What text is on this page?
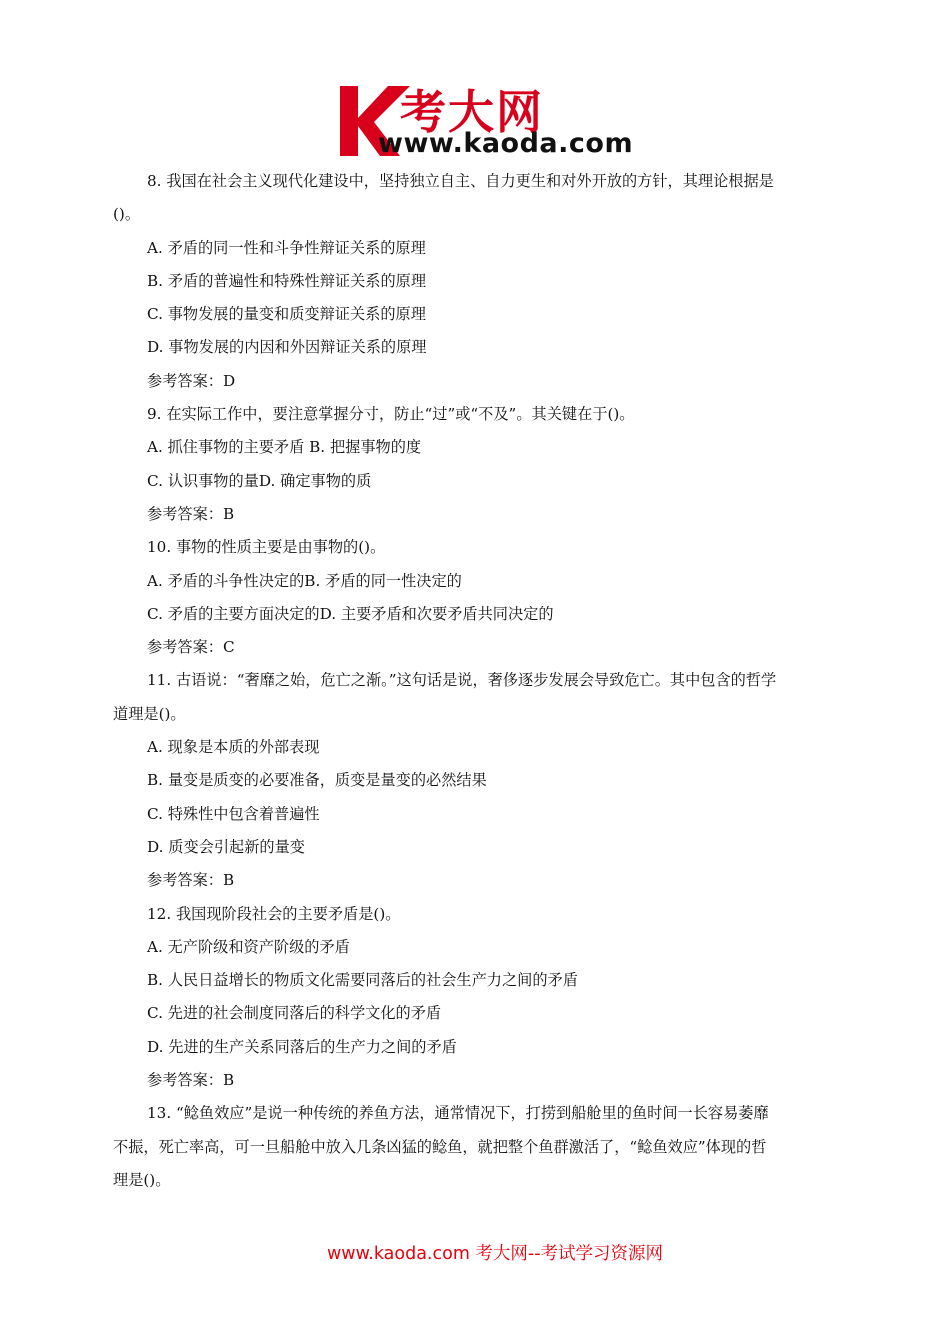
考大网
www.kaoda.com
8. 我国在社会主义现代化建设中，坚持独立自主、自力更生和对外开放的方针，其理论根据是
()。
A. 矛盾的同一性和斗争性辩证关系的原理
B. 矛盾的普遍性和特殊性辩证关系的原理
C. 事物发展的量变和质变辩证关系的原理
D. 事物发展的内因和外因辩证关系的原理
参考答案：D
9. 在实际工作中，要注意掌握分寸，防止“过”或“不及”。其关键在于()。
A. 抓住事物的主要矛盾 B. 把握事物的度
C. 认识事物的量D. 确定事物的质
参考答案：B
10. 事物的性质主要是由事物的()。
A. 矛盾的斗争性决定的B. 矛盾的同一性决定的
C. 矛盾的主要方面决定的D. 主要矛盾和次要矛盾共同决定的
参考答案：C
11. 古语说：“奢靡之始，危亡之渐。”这句话是说，奢侈逐步发展会导致危亡。其中包含的哲学
道理是()。
A. 现象是本质的外部表现
B. 量变是质变的必要准备，质变是量变的必然结果
C. 特殊性中包含着普遍性
D. 质变会引起新的量变
参考答案：B
12. 我国现阶段社会的主要矛盾是()。
A. 无产阶级和资产阶级的矛盾
B. 人民日益增长的物质文化需要同落后的社会生产力之间的矛盾
C. 先进的社会制度同落后的科学文化的矛盾
D. 先进的生产关系同落后的生产力之间的矛盾
参考答案：B
13. “鲶鱼效应”是说一种传统的养鱼方法，通常情况下，打捞到船舱里的鱼时间一长容易萎靡
不振，死亡率高，可一旦船舱中放入几条凶猛的鲶鱼，就把整个鱼群激活了，“鲶鱼效应”体现的哲
理是()。
www.kaoda.com 考大网--考试学习资源网
